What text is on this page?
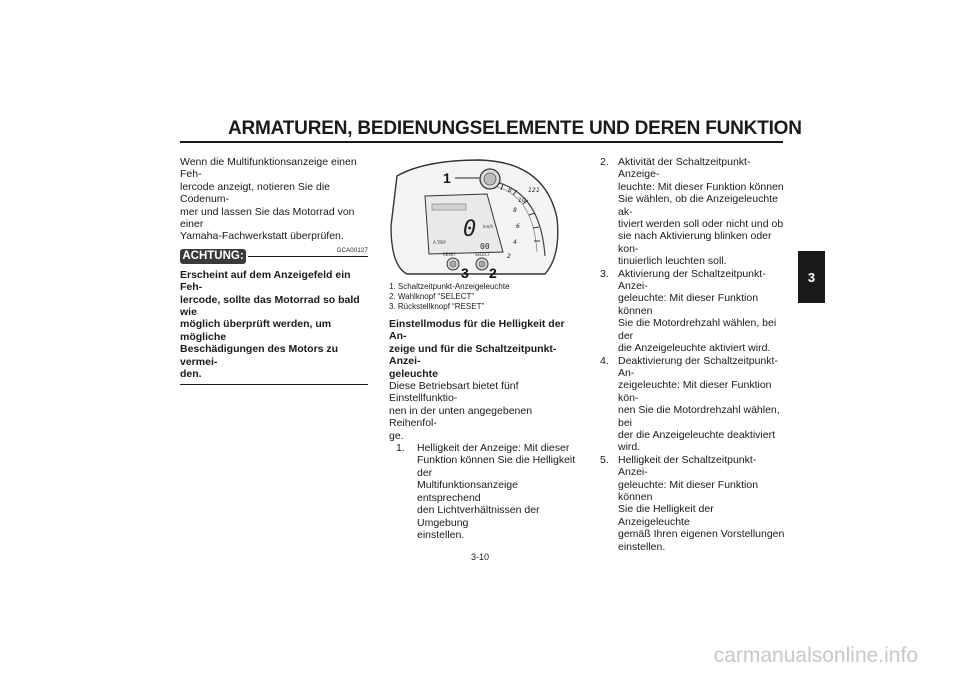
ARMATUREN, BEDIENUNGSELEMENTE UND DEREN FUNKTION
3

Wenn die Multifunktionsanzeige einen Feh-
lercode anzeigt, notieren Sie die Codenum-
mer und lassen Sie das Motorrad von einer
Yamaha-Fachwerkstatt überprüfen.

ACHTUNG:	GCA00127

Erscheint auf dem Anzeigefeld ein Feh-
lercode, sollte das Motorrad so bald wie
möglich überprüft werden, um mögliche
Beschädigungen des Motors zu vermei-
den.

10
12
8
8
6
4
2
1
0
00
A.TRIP
km/h
RESET	SELECT
1
3 2
1. Schaltzeitpunkt-Anzeigeleuchte
2. Wahlknopf “SELECT”
3. Rückstellknopf “RESET”

Einstellmodus für die Helligkeit der An-
zeige und für die Schaltzeitpunkt-Anzei-
geleuchte

Diese Betriebsart bietet fünf Einstellfunktio-
nen in der unten angegebenen Reihenfol-
ge.

1.	Helligkeit der Anzeige: Mit dieser
Funktion können Sie die Helligkeit der
Multifunktionsanzeige entsprechend
den Lichtverhältnissen der Umgebung
einstellen.
2. Aktivität der Schaltzeitpunkt-Anzeige-
leuchte: Mit dieser Funktion können
Sie wählen, ob die Anzeigeleuchte ak-
tiviert werden soll oder nicht und ob
sie nach Aktivierung blinken oder kon-
tinuierlich leuchten soll.
3. Aktivierung der Schaltzeitpunkt-Anzei-
geleuchte: Mit dieser Funktion können
Sie die Motordrehzahl wählen, bei der
die Anzeigeleuchte aktiviert wird.
4. Deaktivierung der Schaltzeitpunkt-An-
zeigeleuchte: Mit dieser Funktion kön-
nen Sie die Motordrehzahl wählen, bei
der die Anzeigeleuchte deaktiviert
wird.
5. Helligkeit der Schaltzeitpunkt-Anzei-
geleuchte: Mit dieser Funktion können
Sie die Helligkeit der Anzeigeleuchte
gemäß Ihren eigenen Vorstellungen
einstellen.
3-10
carmanualsonline.info
